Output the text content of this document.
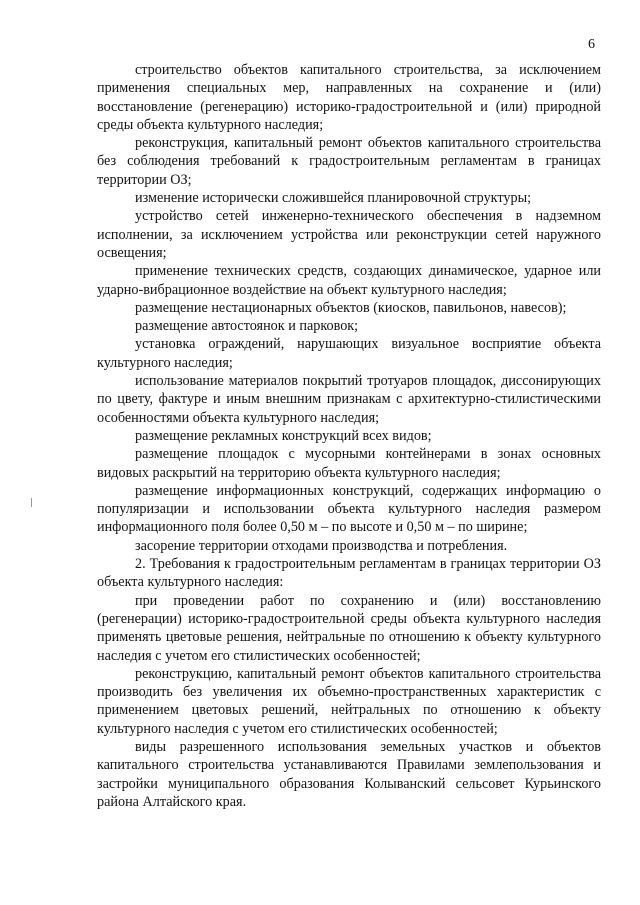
6

строительство объектов капитального строительства, за исключением применения специальных мер, направленных на сохранение и (или) восстановление (регенерацию) историко-градостроительной и (или) природной среды объекта культурного наследия;

реконструкция, капитальный ремонт объектов капитального строительства без соблюдения требований к градостроительным регламентам в границах территории ОЗ;

изменение исторически сложившейся планировочной структуры;

устройство сетей инженерно-технического обеспечения в надземном исполнении, за исключением устройства или реконструкции сетей наружного освещения;

применение технических средств, создающих динамическое, ударное или ударно-вибрационное воздействие на объект культурного наследия;

размещение нестационарных объектов (киосков, павильонов, навесов);

размещение автостоянок и парковок;

установка ограждений, нарушающих визуальное восприятие объекта культурного наследия;

использование материалов покрытий тротуаров площадок, диссонирующих по цвету, фактуре и иным внешним признакам с архитектурно-стилистическими особенностями объекта культурного наследия;

размещение рекламных конструкций всех видов;

размещение площадок с мусорными контейнерами в зонах основных видовых раскрытий на территорию объекта культурного наследия;

размещение информационных конструкций, содержащих информацию о популяризации и использовании объекта культурного наследия размером информационного поля более 0,50 м – по высоте и 0,50 м – по ширине;

засорение территории отходами производства и потребления.

2. Требования к градостроительным регламентам в границах территории ОЗ объекта культурного наследия:

при проведении работ по сохранению и (или) восстановлению (регенерации) историко-градостроительной среды объекта культурного наследия применять цветовые решения, нейтральные по отношению к объекту культурного наследия с учетом его стилистических особенностей;

реконструкцию, капитальный ремонт объектов капитального строительства производить без увеличения их объемно-пространственных характеристик с применением цветовых решений, нейтральных по отношению к объекту культурного наследия с учетом его стилистических особенностей;

виды разрешенного использования земельных участков и объектов капитального строительства устанавливаются Правилами землепользования и застройки муниципального образования Колыванский сельсовет Курьинского района Алтайского края.
